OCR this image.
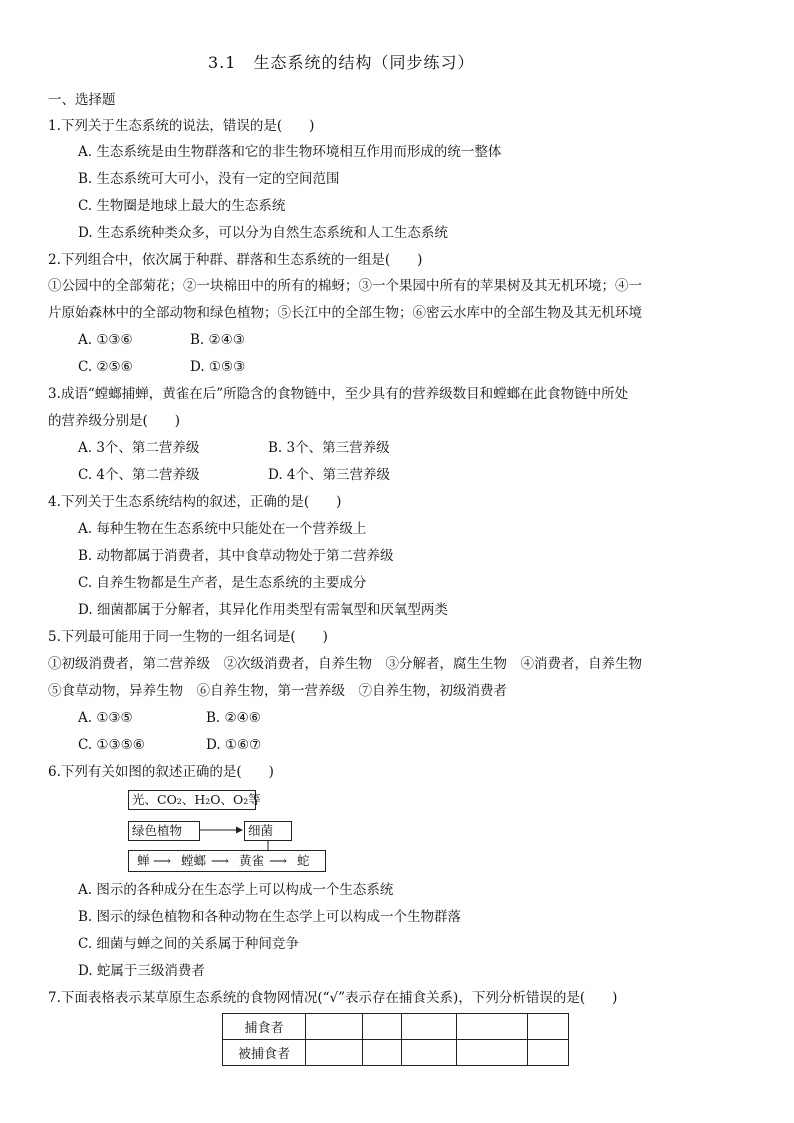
3.1　生态系统的结构（同步练习）
一、选择题
1.下列关于生态系统的说法，错误的是(　　)
A. 生态系统是由生物群落和它的非生物环境相互作用而形成的统一整体
B. 生态系统可大可小，没有一定的空间范围
C. 生物圈是地球上最大的生态系统
D. 生态系统种类众多，可以分为自然生态系统和人工生态系统
2.下列组合中，依次属于种群、群落和生态系统的一组是(　　)
①公园中的全部菊花；②一块棉田中的所有的棉蚜；③一个果园中所有的苹果树及其无机环境；④一
片原始森林中的全部动物和绿色植物；⑤长江中的全部生物；⑥密云水库中的全部生物及其无机环境
A. ①③⑥	B. ②④③
C. ②⑤⑥	D. ①⑤③
3.成语“螳螂捕蝉，黄雀在后”所隐含的食物链中，至少具有的营养级数目和螳螂在此食物链中所处
的营养级分别是(　　)
A. 3个、第二营养级	B. 3个、第三营养级
C. 4个、第二营养级	D. 4个、第三营养级
4.下列关于生态系统结构的叙述，正确的是(　　)
A. 每种生物在生态系统中只能处在一个营养级上
B. 动物都属于消费者，其中食草动物处于第二营养级
C. 自养生物都是生产者，是生态系统的主要成分
D. 细菌都属于分解者，其异化作用类型有需氧型和厌氧型两类
5.下列最可能用于同一生物的一组名词是(　　)
①初级消费者，第二营养级　②次级消费者，自养生物　③分解者，腐生生物　④消费者，自养生物
⑤食草动物，异养生物　⑥自养生物，第一营养级　⑦自养生物，初级消费者
A. ①③⑤	B. ②④⑥
C. ①③⑤⑥	D. ①⑥⑦
6.下列有关如图的叙述正确的是(　　)
光、CO₂、H₂O、O₂等
绿色植物	细菌
蝉 ⟶ 螳螂 ⟶ 黄雀 ⟶ 蛇
A. 图示的各种成分在生态学上可以构成一个生态系统
B. 图示的绿色植物和各种动物在生态学上可以构成一个生物群落
C. 细菌与蝉之间的关系属于种间竞争
D. 蛇属于三级消费者
7.下面表格表示某草原生态系统的食物网情况(“√”表示存在捕食关系)，下列分析错误的是(　　)
捕食者					
被捕食者					
